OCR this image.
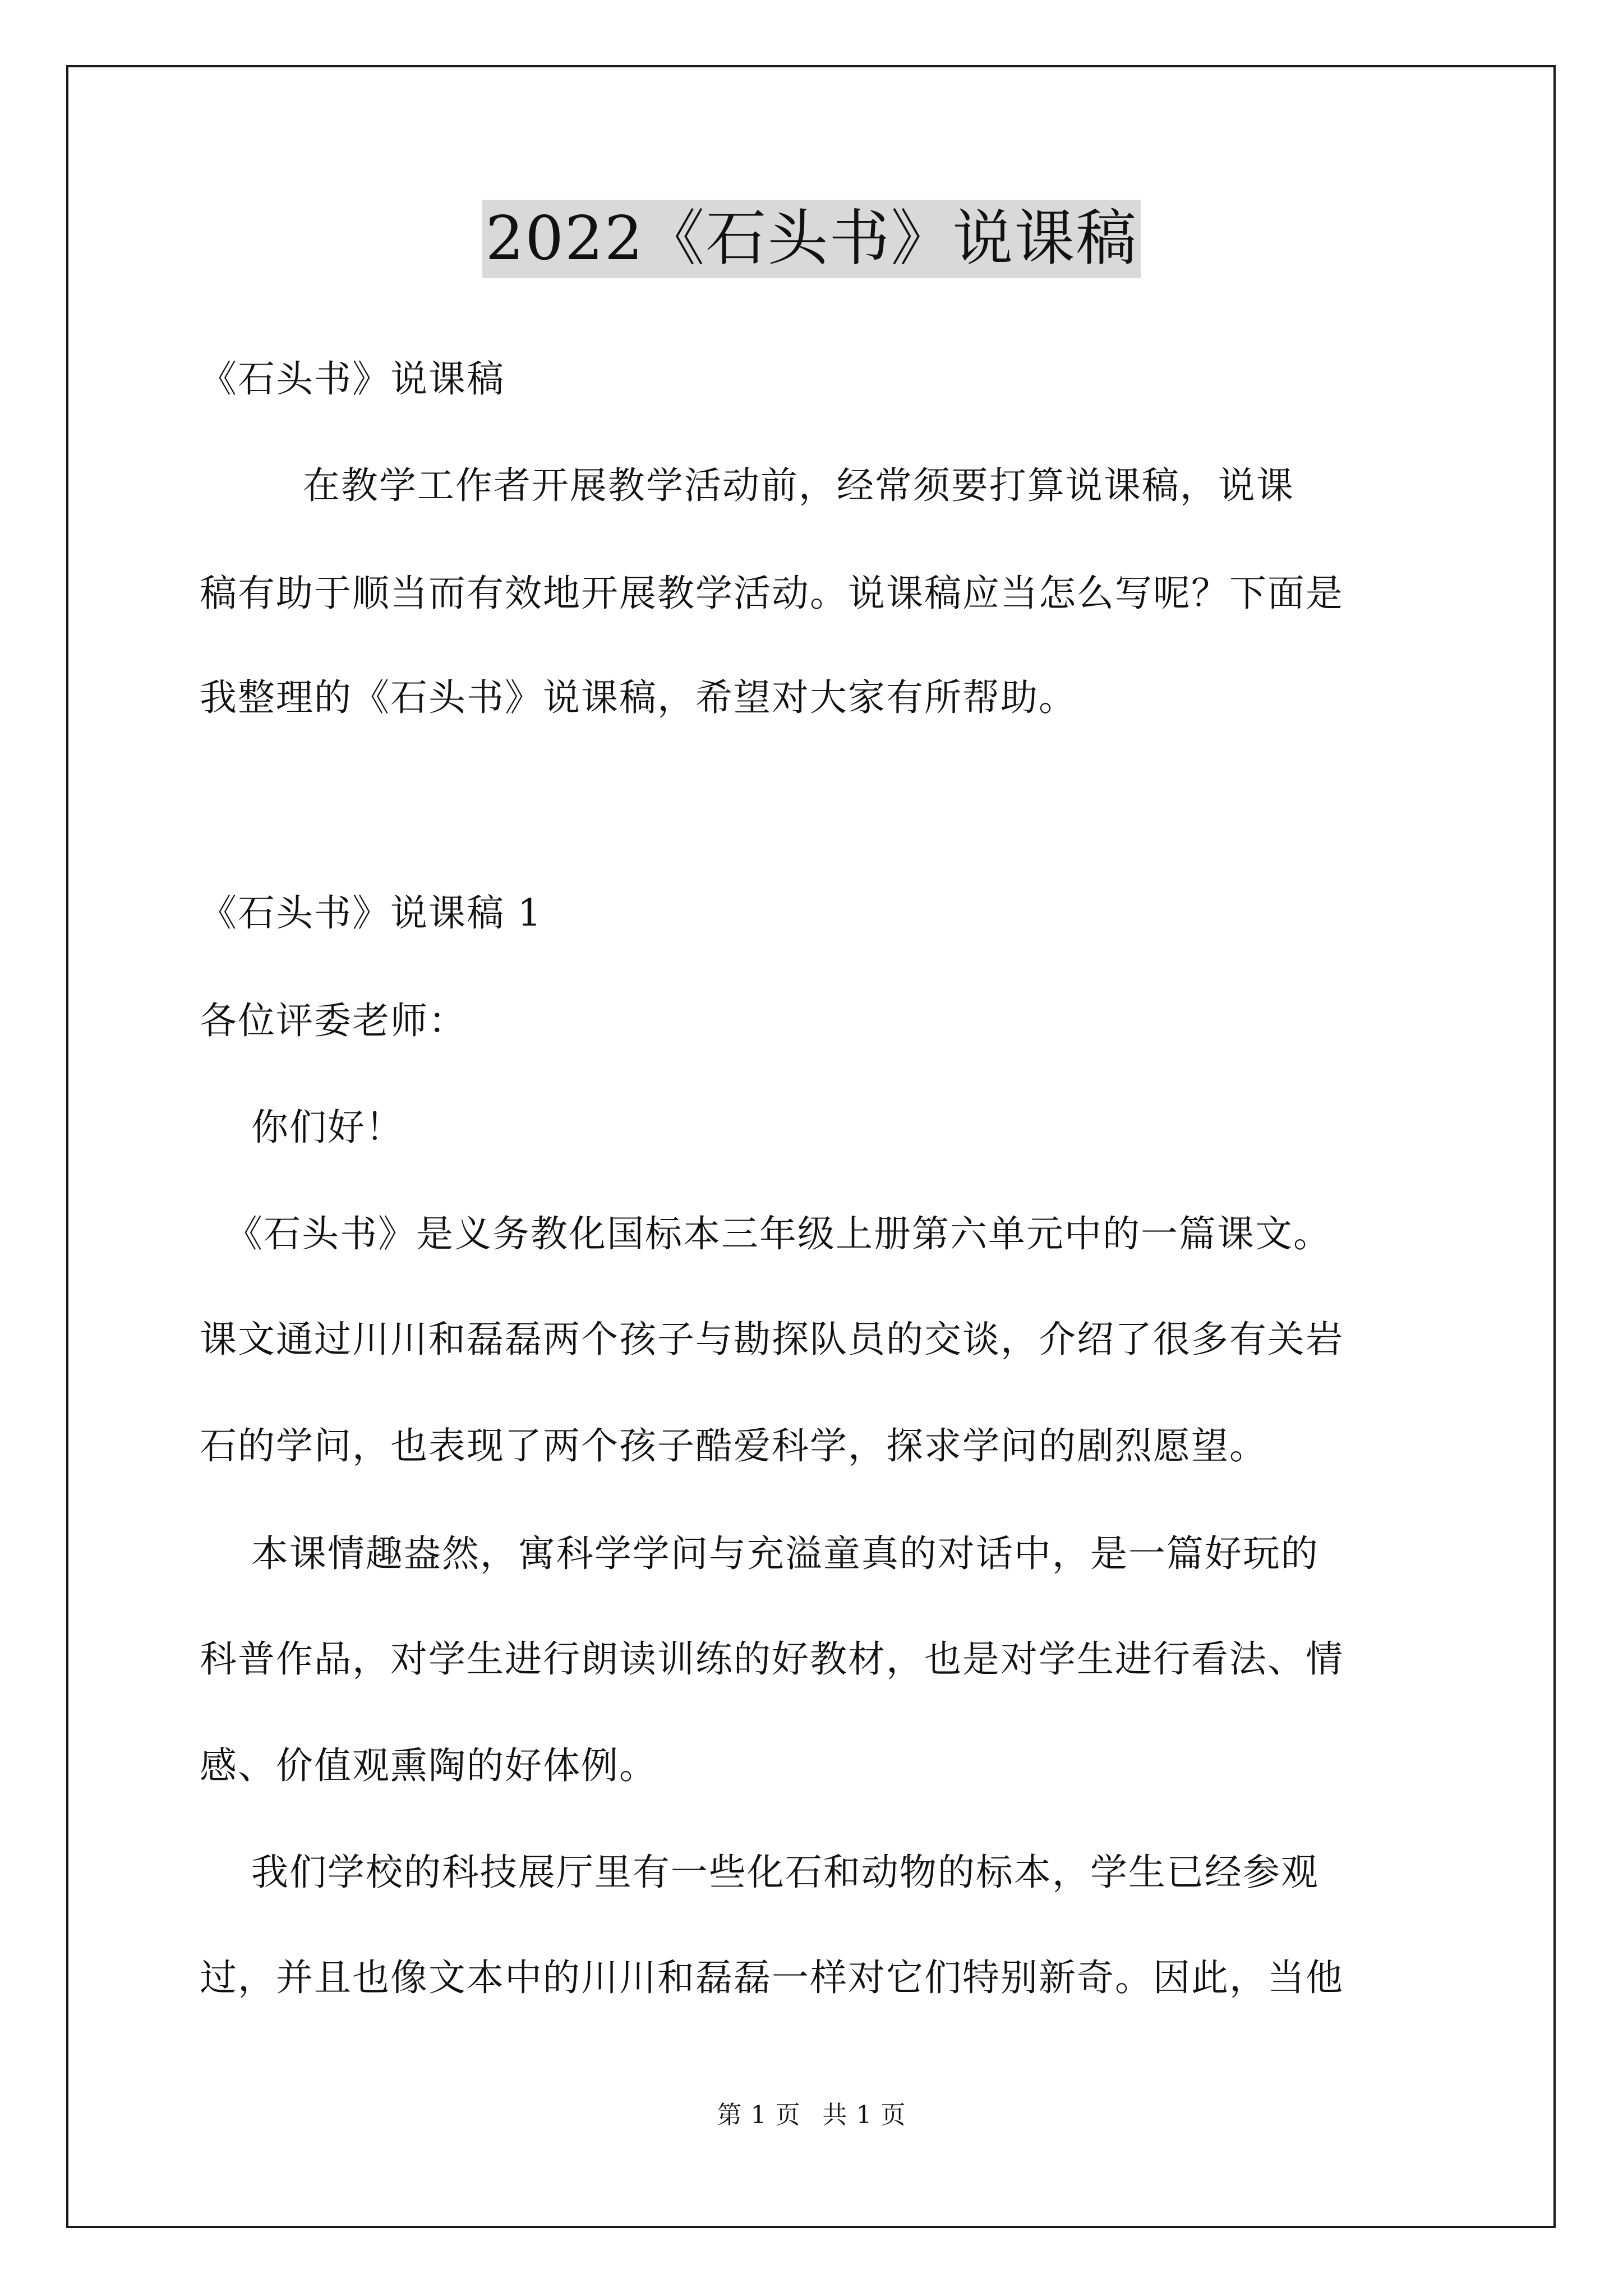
2022《石头书》说课稿
《石头书》说课稿
在教学工作者开展教学活动前，经常须要打算说课稿，说课
稿有助于顺当而有效地开展教学活动。说课稿应当怎么写呢？下面是
我整理的《石头书》说课稿，希望对大家有所帮助。
《石头书》说课稿 1
各位评委老师：
你们好！
《石头书》是义务教化国标本三年级上册第六单元中的一篇课文。
课文通过川川和磊磊两个孩子与勘探队员的交谈，介绍了很多有关岩
石的学问，也表现了两个孩子酷爱科学，探求学问的剧烈愿望。
本课情趣盎然，寓科学学问与充溢童真的对话中，是一篇好玩的
科普作品，对学生进行朗读训练的好教材，也是对学生进行看法、情
感、价值观熏陶的好体例。
我们学校的科技展厅里有一些化石和动物的标本，学生已经参观
过，并且也像文本中的川川和磊磊一样对它们特别新奇。因此，当他
第 1 页 共 1 页
